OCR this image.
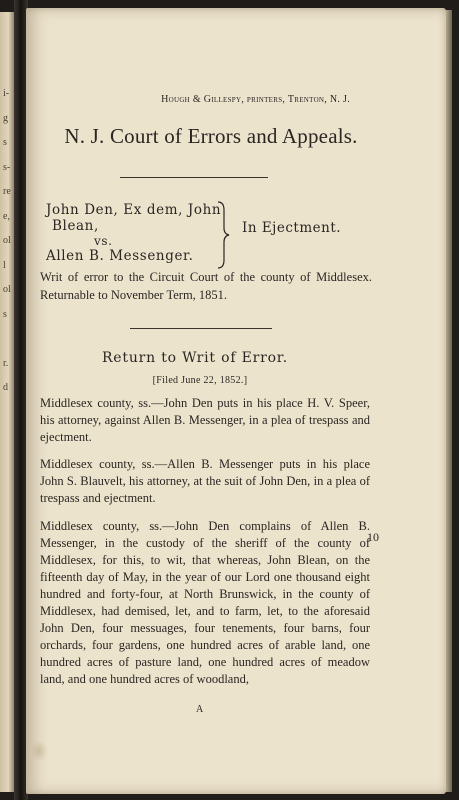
i-
g
s
s-
re
e,
ol
l
ol
s

r.
d
Hough & Gillespy, printers, Trenton, N. J.
N. J. Court of Errors and Appeals.
John Den, Ex dem, John
Blean,
vs.
Allen B. Messenger.
In Ejectment.
Writ of error to the Circuit Court of the county of Middlesex. Returnable to November Term, 1851.
Return to Writ of Error.
[Filed June 22, 1852.]
Middlesex county, ss.—John Den puts in his place H. V. Speer, his attorney, against Allen B. Messenger, in a plea of trespass and ejectment.
Middlesex county, ss.—Allen B. Messenger puts in his place John S. Blauvelt, his attorney, at the suit of John Den, in a plea of trespass and ejectment.
Middlesex county, ss.—John Den complains of Allen B. Messenger, in the custody of the sheriff of the county of Middlesex, for this, to wit, that whereas, John Blean, on the fifteenth day of May, in the year of our Lord one thousand eight hundred and forty-four, at North Brunswick, in the county of Middlesex, had demised, let, and to farm, let, to the aforesaid John Den, four messuages, four tenements, four barns, four orchards, four gardens, one hundred acres of arable land, one hundred acres of pasture land, one hundred acres of meadow land, and one hundred acres of woodland,
10
A
